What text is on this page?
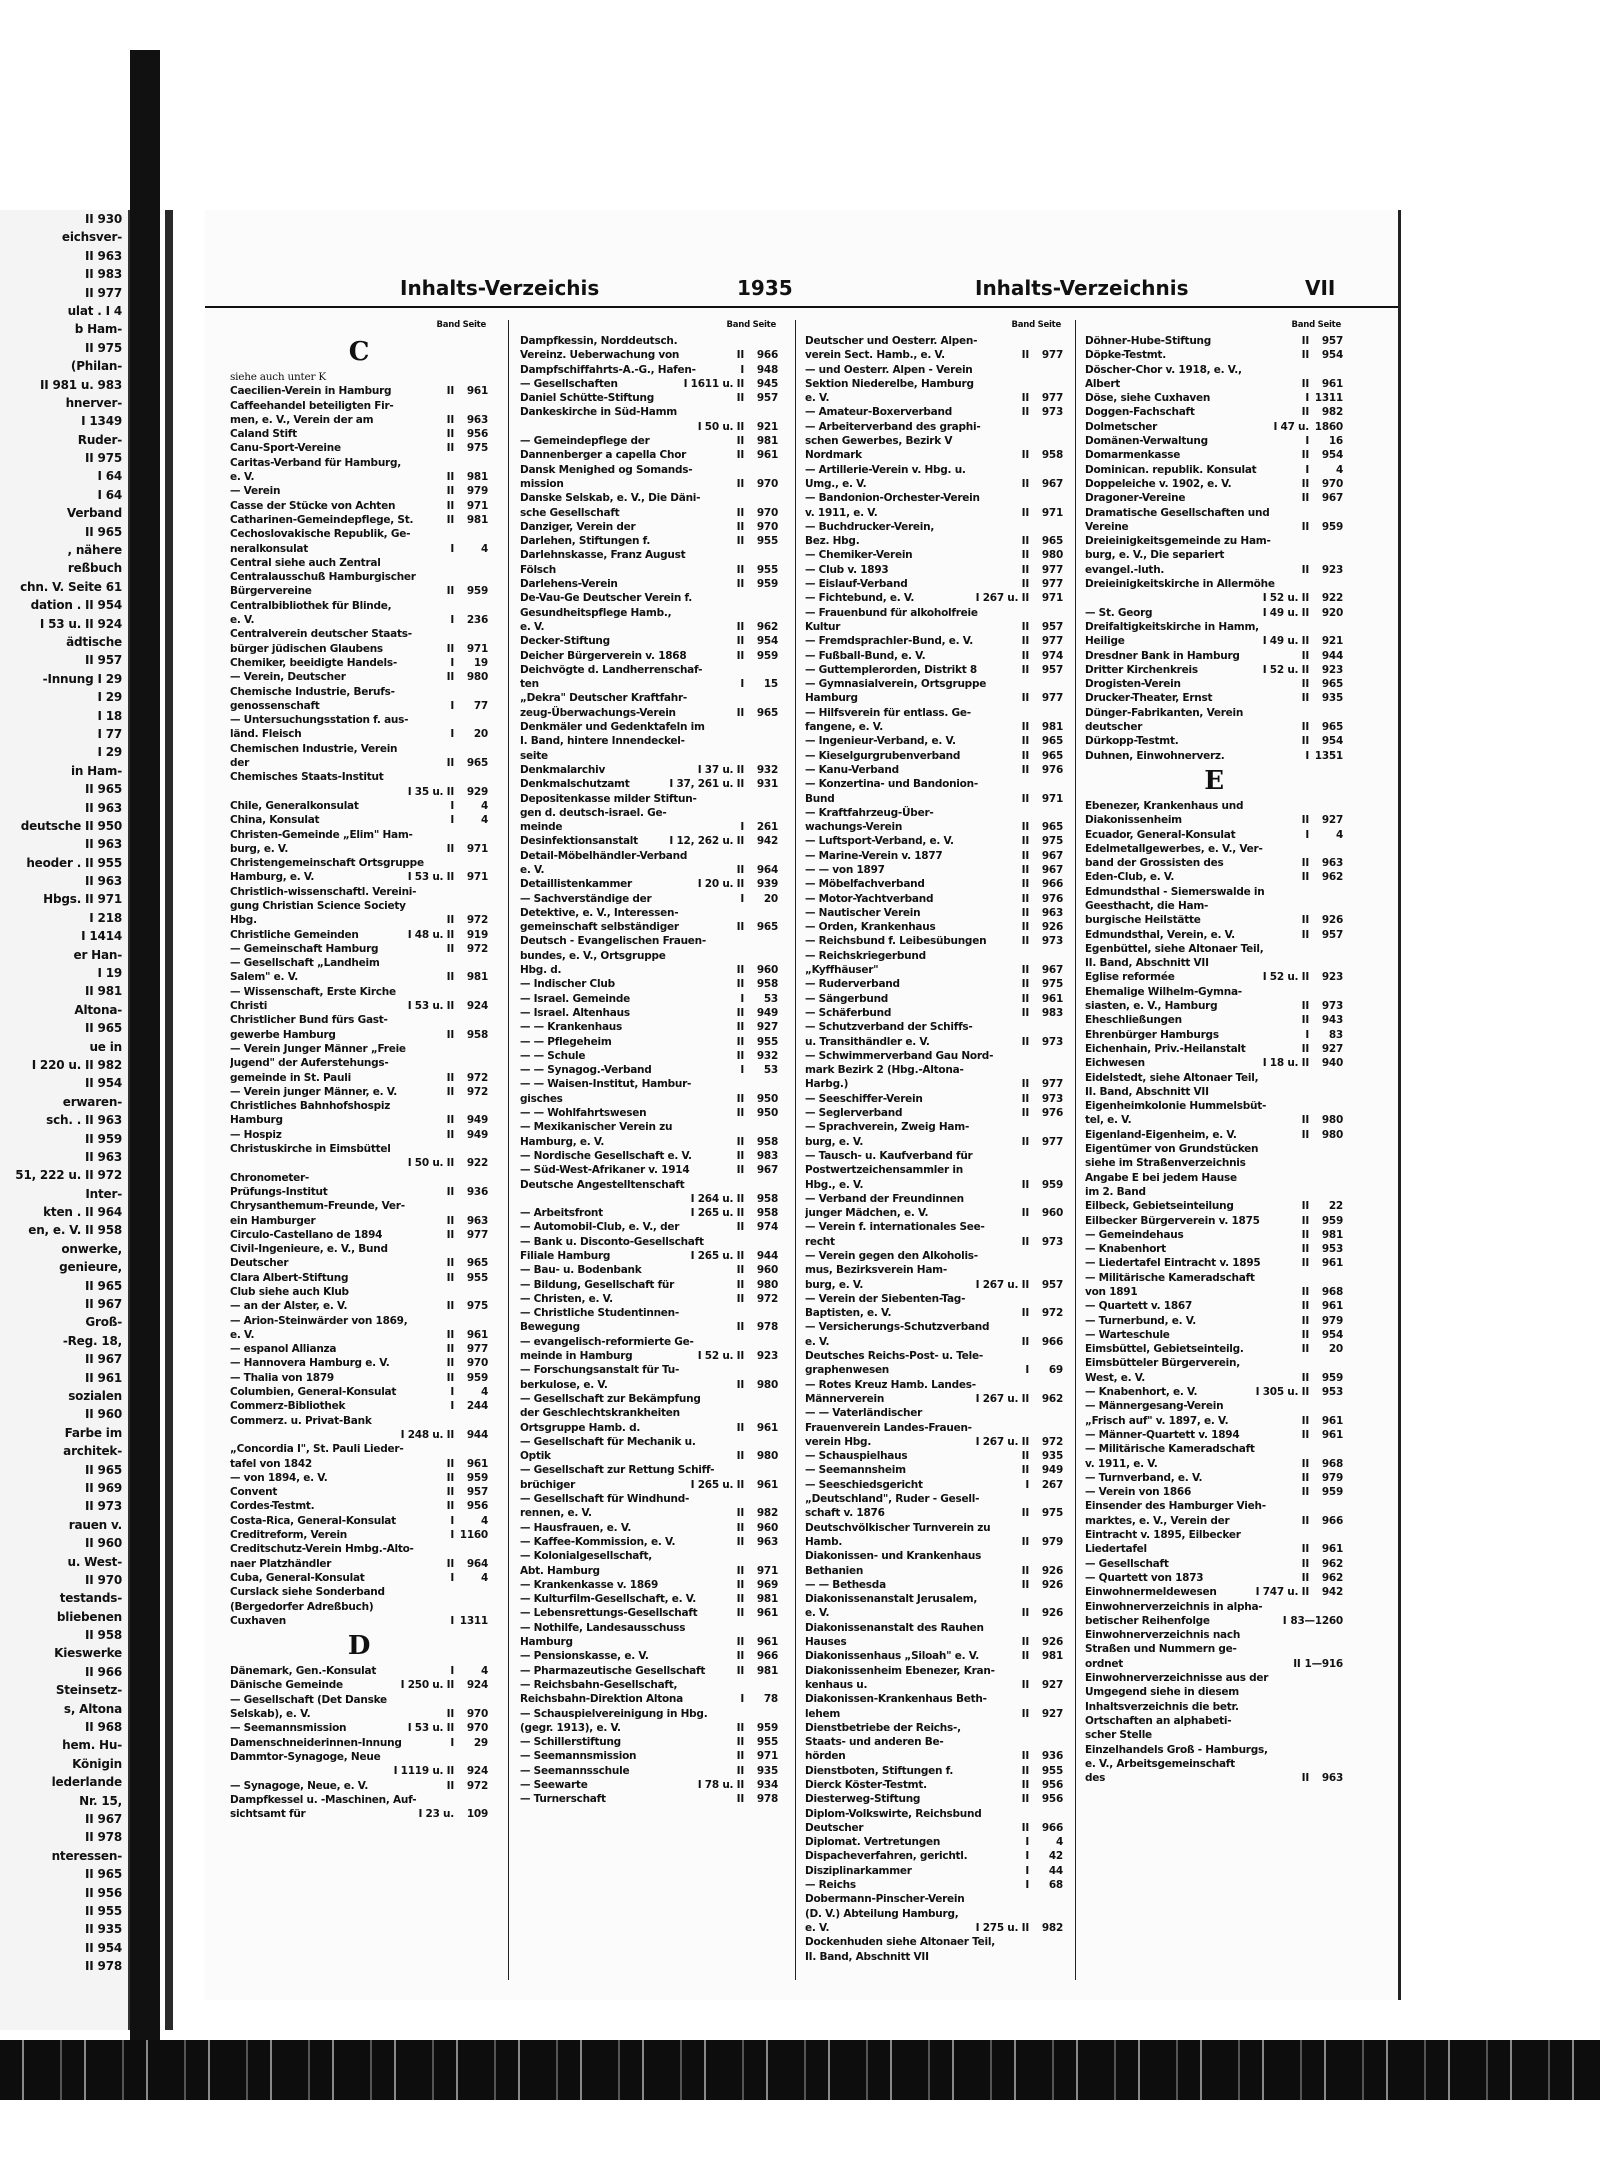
II 930
eichsver-
II 963
II 983
II 977
ulat . I 4
b Ham-
II 975
(Philan-
II 981 u. 983
hnerver-
I 1349
Ruder-
II 975
I 64
I 64
Verband
II 965
, nähere
reßbuch
chn. V. Seite 61
dation . II 954
I 53 u. II 924
ädtische
II 957
-Innung I 29
I 29
I 18
I 77
I 29
in Ham-
II 965
II 963
deutsche II 950
II 963
heoder . II 955
II 963
Hbgs. II 971
I 218
I 1414
er Han-
I 19
II 981
Altona-
II 965
ue in
I 220 u. II 982
II 954
erwaren-
sch. . II 963
II 959
II 963
51, 222 u. II 972
Inter-
kten . II 964
en, e. V. II 958
onwerke,
genieure,
II 965
II 967
Groß-
-Reg. 18,
II 967
II 961
sozialen
II 960
Farbe im
architek-
II 965
II 969
II 973
rauen v.
II 960
u. West-
II 970
testands-
bliebenen
II 958
Kieswerke
II 966
Steinsetz-
s, Altona
II 968
hem. Hu-
Königin
lederlande
Nr. 15,
II 967
II 978
nteressen-
II 965
II 956
II 955
II 935
II 954
II 978
Inhalts-Verzeichis	1935	Inhalts-Verzeichnis	VII
Band Seite
C
siehe auch unter K
Caecilien-Verein in Hamburg	II	961
Caffeehandel beteiligten Fir-
men, e. V., Verein der am	II	963
Caland Stift	II	956
Canu-Sport-Vereine	II	975
Caritas-Verband für Hamburg,
e. V.	II	981
— Verein	II	979
Casse der Stücke von Achten	II	971
Catharinen-Gemeindepflege, St.	II	981
Cechoslovakische Republik, Ge-
neralkonsulat	I	4
Central siehe auch Zentral
Centralausschuß Hamburgischer
Bürgervereine	II	959
Centralbibliothek für Blinde,
e. V.	I	236
Centralverein deutscher Staats-
bürger jüdischen Glaubens	II	971
Chemiker, beeidigte Handels-	I	19
— Verein, Deutscher	II	980
Chemische Industrie, Berufs-
genossenschaft	I	77
— Untersuchungsstation f. aus-
länd. Fleisch	I	20
Chemischen Industrie, Verein
der	II	965
Chemisches Staats-Institut
I 35 u. II	929
Chile, Generalkonsulat	I	4
China, Konsulat	I	4
Christen-Gemeinde „Elim" Ham-
burg, e. V.	II	971
Christengemeinschaft Ortsgruppe
Hamburg, e. V.	I 53 u. II	971
Christlich-wissenschaftl. Vereini-
gung Christian Science Society
Hbg.	II	972
Christliche Gemeinden	I 48 u. II	919
— Gemeinschaft Hamburg	II	972
— Gesellschaft „Landheim
Salem" e. V.	II	981
— Wissenschaft, Erste Kirche
Christi	I 53 u. II	924
Christlicher Bund fürs Gast-
gewerbe Hamburg	II	958
— Verein Junger Männer „Freie
Jugend" der Auferstehungs-
gemeinde in St. Pauli	II	972
— Verein junger Männer, e. V.	II	972
Christliches Bahnhofshospiz
Hamburg	II	949
— Hospiz	II	949
Christuskirche in Eimsbüttel
I 50 u. II	922
Chronometer-
Prüfungs-Institut	II	936
Chrysanthemum-Freunde, Ver-
ein Hamburger	II	963
Circulo-Castellano de 1894	II	977
Civil-Ingenieure, e. V., Bund
Deutscher	II	965
Clara Albert-Stiftung	II	955
Club siehe auch Klub
— an der Alster, e. V.	II	975
— Arion-Steinwärder von 1869,
e. V.	II	961
— espanol Allianza	II	977
— Hannovera Hamburg e. V.	II	970
— Thalia von 1879	II	959
Columbien, General-Konsulat	I	4
Commerz-Bibliothek	I	244
Commerz. u. Privat-Bank
I 248 u. II	944
„Concordia I", St. Pauli Lieder-
tafel von 1842	II	961
— von 1894, e. V.	II	959
Convent	II	957
Cordes-Testmt.	II	956
Costa-Rica, General-Konsulat	I	4
Creditreform, Verein	I 1160
Creditschutz-Verein Hmbg.-Alto-
naer Platzhändler	II	964
Cuba, General-Konsulat	I	4
Curslack siehe Sonderband
(Bergedorfer Adreßbuch)
Cuxhaven	I 1311
D
Dänemark, Gen.-Konsulat	I	4
Dänische Gemeinde	I 250 u. II	924
— Gesellschaft (Det Danske
Selskab), e. V.	II	970
— Seemannsmission	I 53 u. II	970
Damenschneiderinnen-Innung	I	29
Dammtor-Synagoge, Neue
I 1119 u. II	924
— Synagoge, Neue, e. V.	II	972
Dampfkessel u. -Maschinen, Auf-
sichtsamt für	I 23 u.	109
Band Seite
Dampfkessin, Norddeutsch.
Vereinz. Ueberwachung von	II	966
Dampfschiffahrts-A.-G., Hafen-	I	948
— Gesellschaften	I 1611 u. II	945
Daniel Schütte-Stiftung	II	957
Dankeskirche in Süd-Hamm
I 50 u. II	921
— Gemeindepflege der	II	981
Dannenberger a capella Chor	II	961
Dansk Menighed og Somands-
mission	II	970
Danske Selskab, e. V., Die Däni-
sche Gesellschaft	II	970
Danziger, Verein der	II	970
Darlehen, Stiftungen f.	II	955
Darlehnskasse, Franz August
Fölsch	II	955
Darlehens-Verein	II	959
De-Vau-Ge Deutscher Verein f.
Gesundheitspflege Hamb.,
e. V.	II	962
Decker-Stiftung	II	954
Deicher Bürgerverein v. 1868	II	959
Deichvögte d. Landherrenschaf-
ten	I	15
„Dekra" Deutscher Kraftfahr-
zeug-Überwachungs-Verein	II	965
Denkmäler und Gedenktafeln im
I. Band, hintere Innendeckel-
seite
Denkmalarchiv	I 37 u. II	932
Denkmalschutzamt	I 37, 261 u. II	931
Depositenkasse milder Stiftun-
gen d. deutsch-israel. Ge-
meinde	I	261
Desinfektionsanstalt	I 12, 262 u. II	942
Detail-Möbelhändler-Verband
e. V.	II	964
Detaillistenkammer	I 20 u. II	939
— Sachverständige der	I	20
Detektive, e. V., Interessen-
gemeinschaft selbständiger	II	965
Deutsch - Evangelischen Frauen-
bundes, e. V., Ortsgruppe
Hbg. d.	II	960
— Indischer Club	II	958
— Israel. Gemeinde	I	53
— Israel. Altenhaus	II	949
— — Krankenhaus	II	927
— — Pflegeheim	II	955
— — Schule	II	932
— — Synagog.-Verband	I	53
— — Waisen-Institut, Hambur-
gisches	II	950
— — Wohlfahrtswesen	II	950
— Mexikanischer Verein zu
Hamburg, e. V.	II	958
— Nordische Gesellschaft e. V.	II	983
— Süd-West-Afrikaner v. 1914	II	967
Deutsche Angestelltenschaft
I 264 u. II	958
— Arbeitsfront	I 265 u. II	958
— Automobil-Club, e. V., der	II	974
— Bank u. Disconto-Gesellschaft
Filiale Hamburg	I 265 u. II	944
— Bau- u. Bodenbank	II	960
— Bildung, Gesellschaft für	II	980
— Christen, e. V.	II	972
— Christliche Studentinnen-
Bewegung	II	978
— evangelisch-reformierte Ge-
meinde in Hamburg	I 52 u. II	923
— Forschungsanstalt für Tu-
berkulose, e. V.	II	980
— Gesellschaft zur Bekämpfung
der Geschlechtskrankheiten
Ortsgruppe Hamb. d.	II	961
— Gesellschaft für Mechanik u.
Optik	II	980
— Gesellschaft zur Rettung Schiff-
brüchiger	I 265 u. II	961
— Gesellschaft für Windhund-
rennen, e. V.	II	982
— Hausfrauen, e. V.	II	960
— Kaffee-Kommission, e. V.	II	963
— Kolonialgesellschaft,
Abt. Hamburg	II	971
— Krankenkasse v. 1869	II	969
— Kulturfilm-Gesellschaft, e. V.	II	981
— Lebensrettungs-Gesellschaft	II	961
— Nothilfe, Landesausschuss
Hamburg	II	961
— Pensionskasse, e. V.	II	966
— Pharmazeutische Gesellschaft	II	981
— Reichsbahn-Gesellschaft,
Reichsbahn-Direktion Altona	I	78
— Schauspielvereinigung in Hbg.
(gegr. 1913), e. V.	II	959
— Schillerstiftung	II	955
— Seemannsmission	II	971
— Seemannsschule	II	935
— Seewarte	I 78 u. II	934
— Turnerschaft	II	978
Band Seite
Deutscher und Oesterr. Alpen-
verein Sect. Hamb., e. V.	II	977
— und Oesterr. Alpen - Verein
Sektion Niederelbe, Hamburg
e. V.	II	977
— Amateur-Boxerverband	II	973
— Arbeiterverband des graphi-
schen Gewerbes, Bezirk V
Nordmark	II	958
— Artillerie-Verein v. Hbg. u.
Umg., e. V.	II	967
— Bandonion-Orchester-Verein
v. 1911, e. V.	II	971
— Buchdrucker-Verein,
Bez. Hbg.	II	965
— Chemiker-Verein	II	980
— Club v. 1893	II	977
— Eislauf-Verband	II	977
— Fichtebund, e. V.	I 267 u. II	971
— Frauenbund für alkoholfreie
Kultur	II	957
— Fremdsprachler-Bund, e. V.	II	977
— Fußball-Bund, e. V.	II	974
— Guttemplerorden, Distrikt 8	II	957
— Gymnasialverein, Ortsgruppe
Hamburg	II	977
— Hilfsverein für entlass. Ge-
fangene, e. V.	II	981
— Ingenieur-Verband, e. V.	II	965
— Kieselgurgrubenverband	II	965
— Kanu-Verband	II	976
— Konzertina- und Bandonion-
Bund	II	971
— Kraftfahrzeug-Über-
wachungs-Verein	II	965
— Luftsport-Verband, e. V.	II	975
— Marine-Verein v. 1877	II	967
— — von 1897	II	967
— Möbelfachverband	II	966
— Motor-Yachtverband	II	976
— Nautischer Verein	II	963
— Orden, Krankenhaus	II	926
— Reichsbund f. Leibesübungen	II	973
— Reichskriegerbund
„Kyffhäuser"	II	967
— Ruderverband	II	975
— Sängerbund	II	961
— Schäferbund	II	983
— Schutzverband der Schiffs-
u. Transithändler e. V.	II	973
— Schwimmerverband Gau Nord-
mark Bezirk 2 (Hbg.-Altona-
Harbg.)	II	977
— Seeschiffer-Verein	II	973
— Seglerverband	II	976
— Sprachverein, Zweig Ham-
burg, e. V.	II	977
— Tausch- u. Kaufverband für
Postwertzeichensammler in
Hbg., e. V.	II	959
— Verband der Freundinnen
junger Mädchen, e. V.	II	960
— Verein f. internationales See-
recht	II	973
— Verein gegen den Alkoholis-
mus, Bezirksverein Ham-
burg, e. V.	I 267 u. II	957
— Verein der Siebenten-Tag-
Baptisten, e. V.	II	972
— Versicherungs-Schutzverband
e. V.	II	966
Deutsches Reichs-Post- u. Tele-
graphenwesen	I	69
— Rotes Kreuz Hamb. Landes-
Männerverein	I 267 u. II	962
— — Vaterländischer
Frauenverein Landes-Frauen-
verein Hbg.	I 267 u. II	972
— Schauspielhaus	II	935
— Seemannsheim	II	949
— Seeschiedsgericht	I	267
„Deutschland", Ruder - Gesell-
schaft v. 1876	II	975
Deutschvölkischer Turnverein zu
Hamb.	II	979
Diakonissen- und Krankenhaus
Bethanien	II	926
— — Bethesda	II	926
Diakonissenanstalt Jerusalem,
e. V.	II	926
Diakonissenanstalt des Rauhen
Hauses	II	926
Diakonissenhaus „Siloah" e. V.	II	981
Diakonissenheim Ebenezer, Kran-
kenhaus u.	II	927
Diakonissen-Krankenhaus Beth-
lehem	II	927
Dienstbetriebe der Reichs-,
Staats- und anderen Be-
hörden	II	936
Dienstboten, Stiftungen f.	II	955
Dierck Köster-Testmt.	II	956
Diesterweg-Stiftung	II	956
Diplom-Volkswirte, Reichsbund
Deutscher	II	966
Diplomat. Vertretungen	I	4
Dispacheverfahren, gerichtl.	I	42
Disziplinarkammer	I	44
— Reichs	I	68
Dobermann-Pinscher-Verein
(D. V.) Abteilung Hamburg,
e. V.	I 275 u. II	982
Dockenhuden siehe Altonaer Teil,
II. Band, Abschnitt VII
Band Seite
Döhner-Hube-Stiftung	II	957
Döpke-Testmt.	II	954
Döscher-Chor v. 1918, e. V.,
Albert	II	961
Döse, siehe Cuxhaven	I 1311
Doggen-Fachschaft	II	982
Dolmetscher	I 47 u. 1860
Domänen-Verwaltung	I	16
Domarmenkasse	II	954
Dominican. republik. Konsulat	I	4
Doppeleiche v. 1902, e. V.	II	970
Dragoner-Vereine	II	967
Dramatische Gesellschaften und
Vereine	II	959
Dreieinigkeitsgemeinde zu Ham-
burg, e. V., Die separiert
evangel.-luth.	II	923
Dreieinigkeitskirche in Allermöhe
I 52 u. II	922
— St. Georg	I 49 u. II	920
Dreifaltigkeitskirche in Hamm,
Heilige	I 49 u. II	921
Dresdner Bank in Hamburg	II	944
Dritter Kirchenkreis	I 52 u. II	923
Drogisten-Verein	II	965
Drucker-Theater, Ernst	II	935
Dünger-Fabrikanten, Verein
deutscher	II	965
Dürkopp-Testmt.	II	954
Duhnen, Einwohnerverz.	I 1351
E
Ebenezer, Krankenhaus und
Diakonissenheim	II	927
Ecuador, General-Konsulat	I	4
Edelmetallgewerbes, e. V., Ver-
band der Grossisten des	II	963
Eden-Club, e. V.	II	962
Edmundsthal - Siemerswalde in
Geesthacht, die Ham-
burgische Heilstätte	II	926
Edmundsthal, Verein, e. V.	II	957
Egenbüttel, siehe Altonaer Teil,
II. Band, Abschnitt VII
Eglise reformée	I 52 u. II	923
Ehemalige Wilhelm-Gymna-
siasten, e. V., Hamburg	II	973
Eheschließungen	II	943
Ehrenbürger Hamburgs	I	83
Eichenhain, Priv.-Heilanstalt	II	927
Eichwesen	I 18 u. II	940
Eidelstedt, siehe Altonaer Teil,
II. Band, Abschnitt VII
Eigenheimkolonie Hummelsbüt-
tel, e. V.	II	980
Eigenland-Eigenheim, e. V.	II	980
Eigentümer von Grundstücken
siehe im Straßenverzeichnis
Angabe E bei jedem Hause
im 2. Band
Eilbeck, Gebietseinteilung	II	22
Eilbecker Bürgerverein v. 1875	II	959
— Gemeindehaus	II	981
— Knabenhort	II	953
— Liedertafel Eintracht v. 1895	II	961
— Militärische Kameradschaft
von 1891	II	968
— Quartett v. 1867	II	961
— Turnerbund, e. V.	II	979
— Warteschule	II	954
Eimsbüttel, Gebietseinteilg.	II	20
Eimsbütteler Bürgerverein,
West, e. V.	II	959
— Knabenhort, e. V.	I 305 u. II	953
— Männergesang-Verein
„Frisch auf" v. 1897, e. V.	II	961
— Männer-Quartett v. 1894	II	961
— Militärische Kameradschaft
v. 1911, e. V.	II	968
— Turnverband, e. V.	II	979
— Verein von 1866	II	959
Einsender des Hamburger Vieh-
marktes, e. V., Verein der	II	966
Eintracht v. 1895, Eilbecker
Liedertafel	II	961
— Gesellschaft	II	962
— Quartett von 1873	II	962
Einwohnermeldewesen	I 747 u. II	942
Einwohnerverzeichnis in alpha-
betischer Reihenfolge	I 83—1260
Einwohnerverzeichnis nach
Straßen und Nummern ge-
ordnet	II 1—916
Einwohnerverzeichnisse aus der
Umgegend siehe in diesem
Inhaltsverzeichnis die betr.
Ortschaften an alphabeti-
scher Stelle
Einzelhandels Groß - Hamburgs,
e. V., Arbeitsgemeinschaft
des	II	963
